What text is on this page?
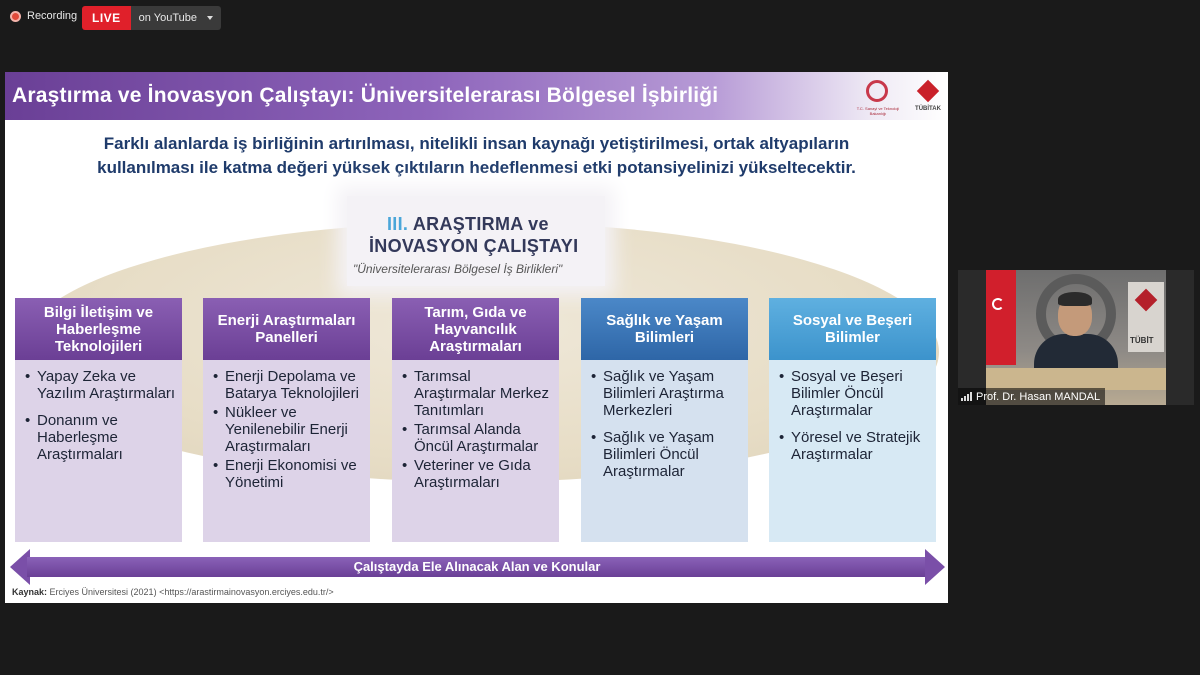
Recording	LIVE	on YouTube
Araştırma ve İnovasyon Çalıştayı: Üniversitelerarası Bölgesel İşbirliği
T.C. Sanayi ve Teknoloji Bakanlığı
TÜBİTAK
Farklı alanlarda iş birliğinin artırılması, nitelikli insan kaynağı yetiştirilmesi, ortak altyapıların
kullanılması ile katma değeri yüksek çıktıların hedeflenmesi etki potansiyelinizi yükseltecektir.
III. ARAŞTIRMA ve
İNOVASYON ÇALIŞTAYI
"Üniversitelerarası Bölgesel İş Birlikleri"
Bilgi İletişim ve Haberleşme Teknolojileri
• Yapay Zeka ve Yazılım Araştırmaları
• Donanım ve Haberleşme Araştırmaları
Enerji Araştırmaları Panelleri
• Enerji Depolama ve Batarya Teknolojileri
• Nükleer ve Yenilenebilir Enerji Araştırmaları
• Enerji Ekonomisi ve Yönetimi
Tarım, Gıda ve Hayvancılık Araştırmaları
• Tarımsal Araştırmalar Merkez Tanıtımları
• Tarımsal Alanda Öncül Araştırmalar
• Veteriner ve Gıda Araştırmaları
Sağlık ve Yaşam Bilimleri
• Sağlık ve Yaşam Bilimleri Araştırma Merkezleri
• Sağlık ve Yaşam Bilimleri Öncül Araştırmalar
Sosyal ve Beşeri Bilimler
• Sosyal ve Beşeri Bilimler Öncül Araştırmalar
• Yöresel ve Stratejik Araştırmalar
Çalıştayda Ele Alınacak Alan ve Konular
Kaynak: Erciyes Üniversitesi (2021) <https://arastirmainovasyon.erciyes.edu.tr/>
TÜBİT
Prof. Dr. Hasan MANDAL
